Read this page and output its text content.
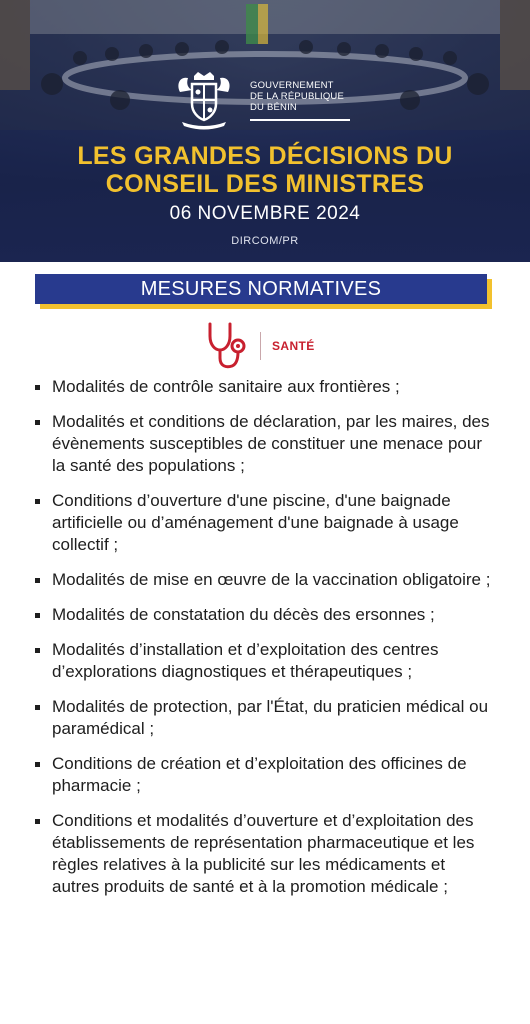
GOUVERNEMENT
DE LA RÉPUBLIQUE
DU BÉNIN
LES GRANDES DÉCISIONS DU
CONSEIL DES MINISTRES
06 NOVEMBRE 2024
DIRCOM/PR
MESURES NORMATIVES
SANTÉ
Modalités de contrôle sanitaire aux frontières ;
Modalités et conditions de déclaration, par les maires, des évènements susceptibles de constituer une menace pour la santé des populations ;
Conditions d’ouverture d'une piscine, d'une baignade artificielle ou d’aménagement d'une baignade à usage collectif ;
Modalités de mise en œuvre de la vaccination obligatoire ;
Modalités de constatation du décès des ersonnes ;
Modalités d’installation et d’exploitation des centres d’explorations diagnostiques et thérapeutiques ;
Modalités de protection, par l'État, du praticien médical ou paramédical ;
Conditions de création et d’exploitation des officines de pharmacie ;
Conditions et modalités d’ouverture et d’exploitation des établissements de représentation pharmaceutique et les règles relatives à la publicité sur les médicaments et autres produits de santé et à la promotion médicale ;
